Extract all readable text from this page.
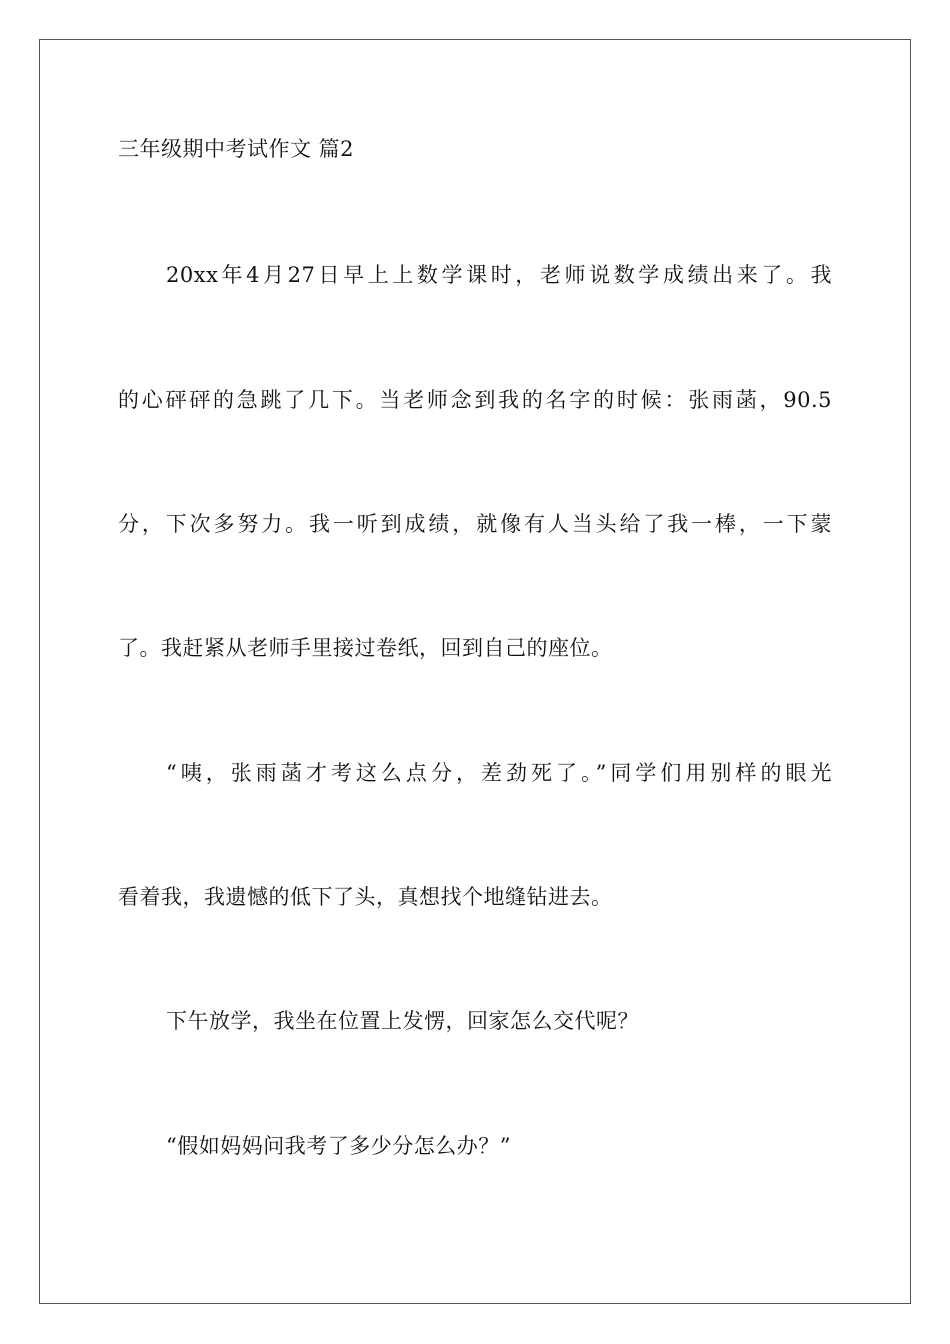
三年级期中考试作文 篇2
20xx年4月27日早上上数学课时，老师说数学成绩出来了。我
的心砰砰的急跳了几下。当老师念到我的名字的时候：张雨菡，90.5
分，下次多努力。我一听到成绩，就像有人当头给了我一棒，一下蒙
了。我赶紧从老师手里接过卷纸，回到自己的座位。
“咦，张雨菡才考这么点分，差劲死了。”同学们用别样的眼光
看着我，我遗憾的低下了头，真想找个地缝钻进去。
下午放学，我坐在位置上发愣，回家怎么交代呢？
“假如妈妈问我考了多少分怎么办？”
